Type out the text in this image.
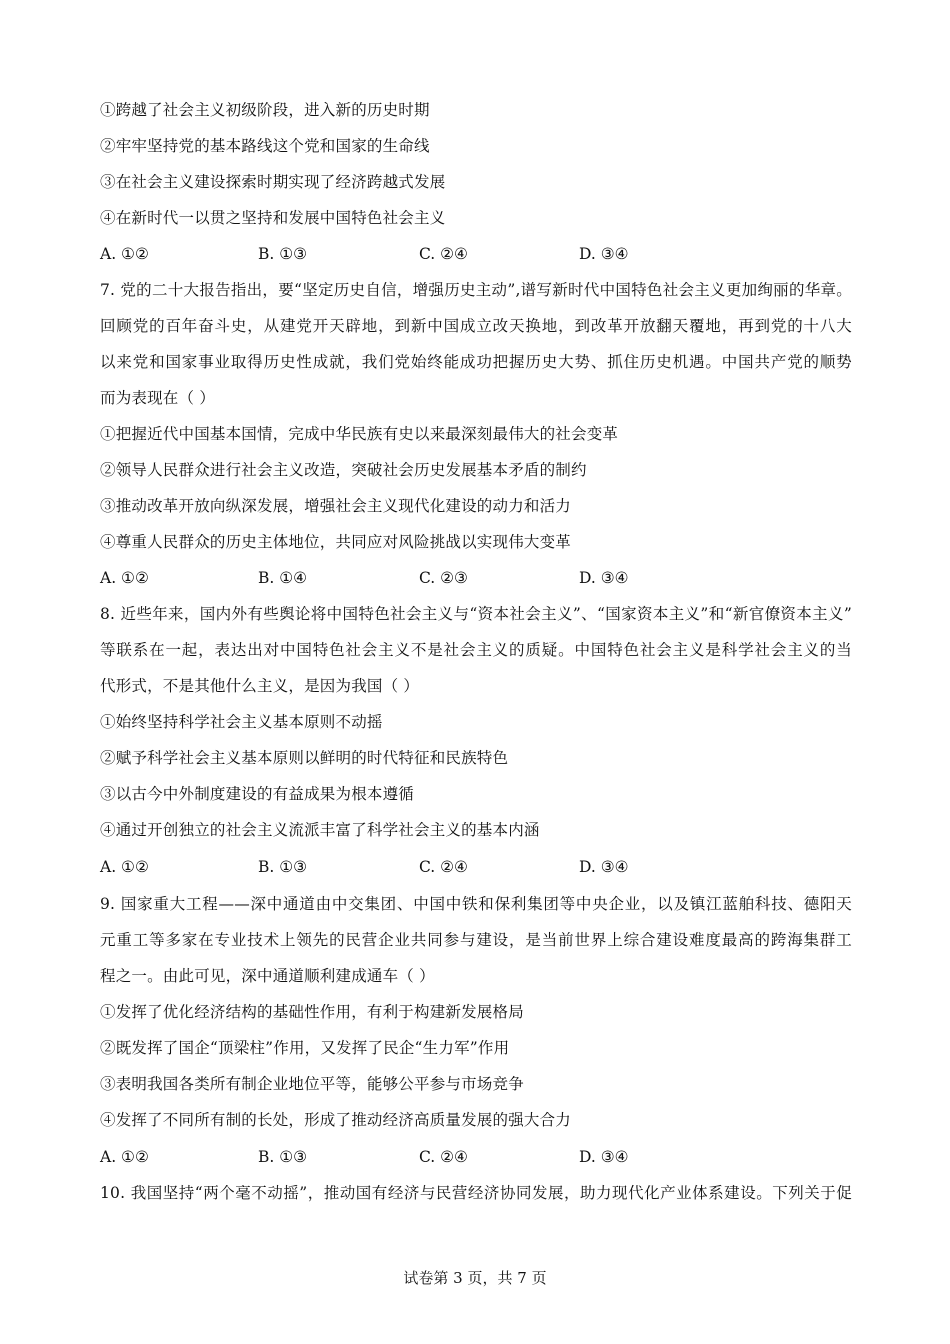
①跨越了社会主义初级阶段，进入新的历史时期
②牢牢坚持党的基本路线这个党和国家的生命线
③在社会主义建设探索时期实现了经济跨越式发展
④在新时代一以贯之坚持和发展中国特色社会主义
A. ①②	B. ①③	C. ②④	D. ③④
7. 党的二十大报告指出，要“坚定历史自信，增强历史主动”,谱写新时代中国特色社会主义更加绚丽的华章。
回顾党的百年奋斗史，从建党开天辟地，到新中国成立改天换地，到改革开放翻天覆地，再到党的十八大
以来党和国家事业取得历史性成就，我们党始终能成功把握历史大势、抓住历史机遇。中国共产党的顺势
而为表现在（ ）
①把握近代中国基本国情，完成中华民族有史以来最深刻最伟大的社会变革
②领导人民群众进行社会主义改造，突破社会历史发展基本矛盾的制约
③推动改革开放向纵深发展，增强社会主义现代化建设的动力和活力
④尊重人民群众的历史主体地位，共同应对风险挑战以实现伟大变革
A. ①②	B. ①④	C. ②③	D. ③④
8. 近些年来，国内外有些舆论将中国特色社会主义与“资本社会主义”、“国家资本主义”和“新官僚资本主义”
等联系在一起，表达出对中国特色社会主义不是社会主义的质疑。中国特色社会主义是科学社会主义的当
代形式，不是其他什么主义，是因为我国（ ）
①始终坚持科学社会主义基本原则不动摇
②赋予科学社会主义基本原则以鲜明的时代特征和民族特色
③以古今中外制度建设的有益成果为根本遵循
④通过开创独立的社会主义流派丰富了科学社会主义的基本内涵
A. ①②	B. ①③	C. ②④	D. ③④
9. 国家重大工程——深中通道由中交集团、中国中铁和保利集团等中央企业，以及镇江蓝舶科技、德阳天
元重工等多家在专业技术上领先的民营企业共同参与建设，是当前世界上综合建设难度最高的跨海集群工
程之一。由此可见，深中通道顺利建成通车（ ）
①发挥了优化经济结构的基础性作用，有利于构建新发展格局
②既发挥了国企“顶梁柱”作用，又发挥了民企“生力军”作用
③表明我国各类所有制企业地位平等，能够公平参与市场竞争
④发挥了不同所有制的长处，形成了推动经济高质量发展的强大合力
A. ①②	B. ①③	C. ②④	D. ③④
10. 我国坚持“两个毫不动摇”，推动国有经济与民营经济协同发展，助力现代化产业体系建设。下列关于促
试卷第 3 页，共 7 页
